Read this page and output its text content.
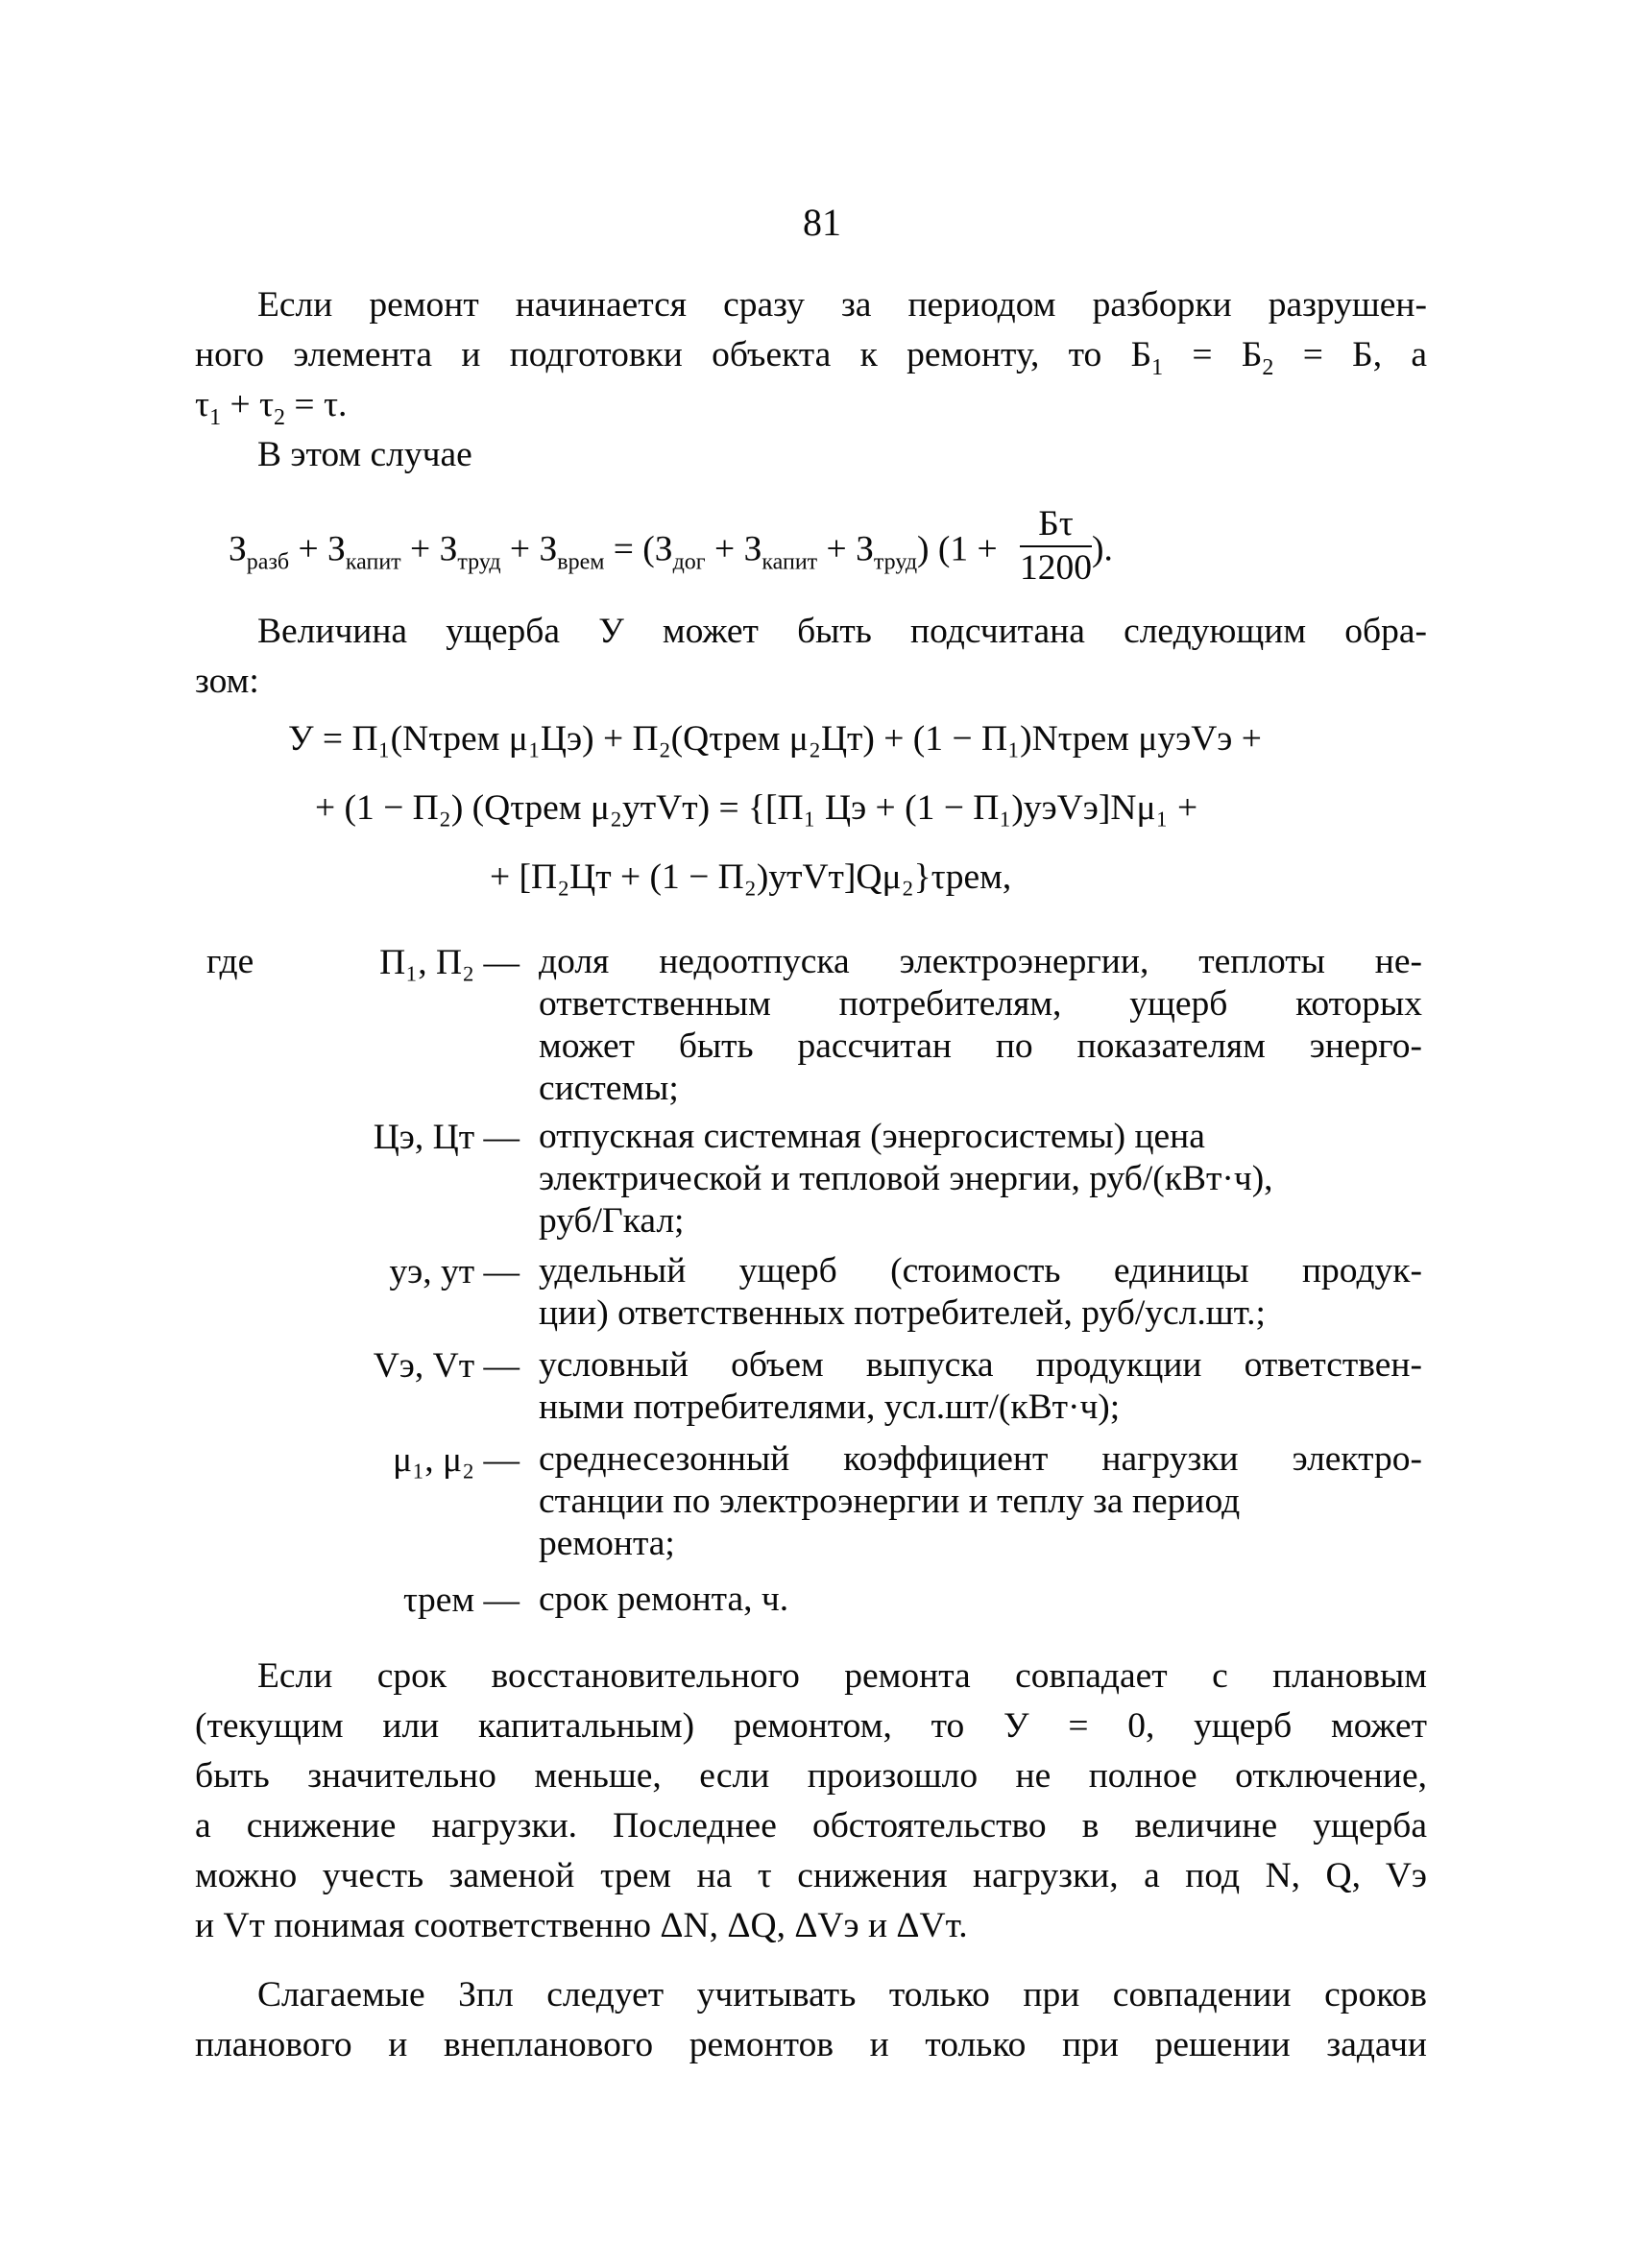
81

Если ремонт начинается сразу за периодом разборки разрушен-

ного элемента и подготовки объекта к ремонту, то $Б_1 = Б_2 = Б$, а

$\tau_1 + \tau_2 = \tau$.

В этом случае

$З_{разб} + З_{капит} + З_{труд} + З_{врем} = (З_{дог} + З_{капит} + З_{труд}) (1 + \frac{Б\tau}{1200}$ ).

Величина ущерба У может быть подсчитана следующим обра-

зом:

У = П₁(Nτрем μ₁Цэ) + П₂(Qτрем μ₂Цт) + (1 − П₁)Nτрем μуэVэ +
+ (1 − П₂) (Qτрем μ₂утVт) = {[П₁ Цэ + (1 − П₁)уэVэ]Nμ₁ +
+ [П₂Цт + (1 − П₂)утVт]Qμ₂}τрем,
где	П₁, П₂ — доля недоотпуска электроэнергии, теплоты не-

ответственным потребителям, ущерб которых

может быть рассчитан по показателям энерго-

системы;

Цэ, Цт — отпускная системная (энергосистемы) цена

электрической и тепловой энергии, руб/(кВт·ч),

руб/Гкал;

уэ, ут — удельный ущерб (стоимость единицы продук-

ции) ответственных потребителей, руб/усл.шт.;

Vэ, Vт — условный объем выпуска продукции ответствен-

ными потребителями, усл.шт/(кВт·ч);

μ₁, μ₂ — среднесезонный коэффициент нагрузки электро-

станции по электроэнергии и теплу за период

ремонта;

τрем — срок ремонта, ч.

Если срок восстановительного ремонта совпадает с плановым

(текущим или капитальным) ремонтом, то У = 0, ущерб может

быть значительно меньше, если произошло не полное отключение,

а снижение нагрузки. Последнее обстоятельство в величине ущерба

можно учесть заменой τрем на τ снижения нагрузки, а под N, Q, Vэ

и Vт понимая соответственно ΔN, ΔQ, ΔVэ и ΔVт.

Слагаемые Зпл следует учитывать только при совпадении сроков

планового и внепланового ремонтов и только при решении задачи
